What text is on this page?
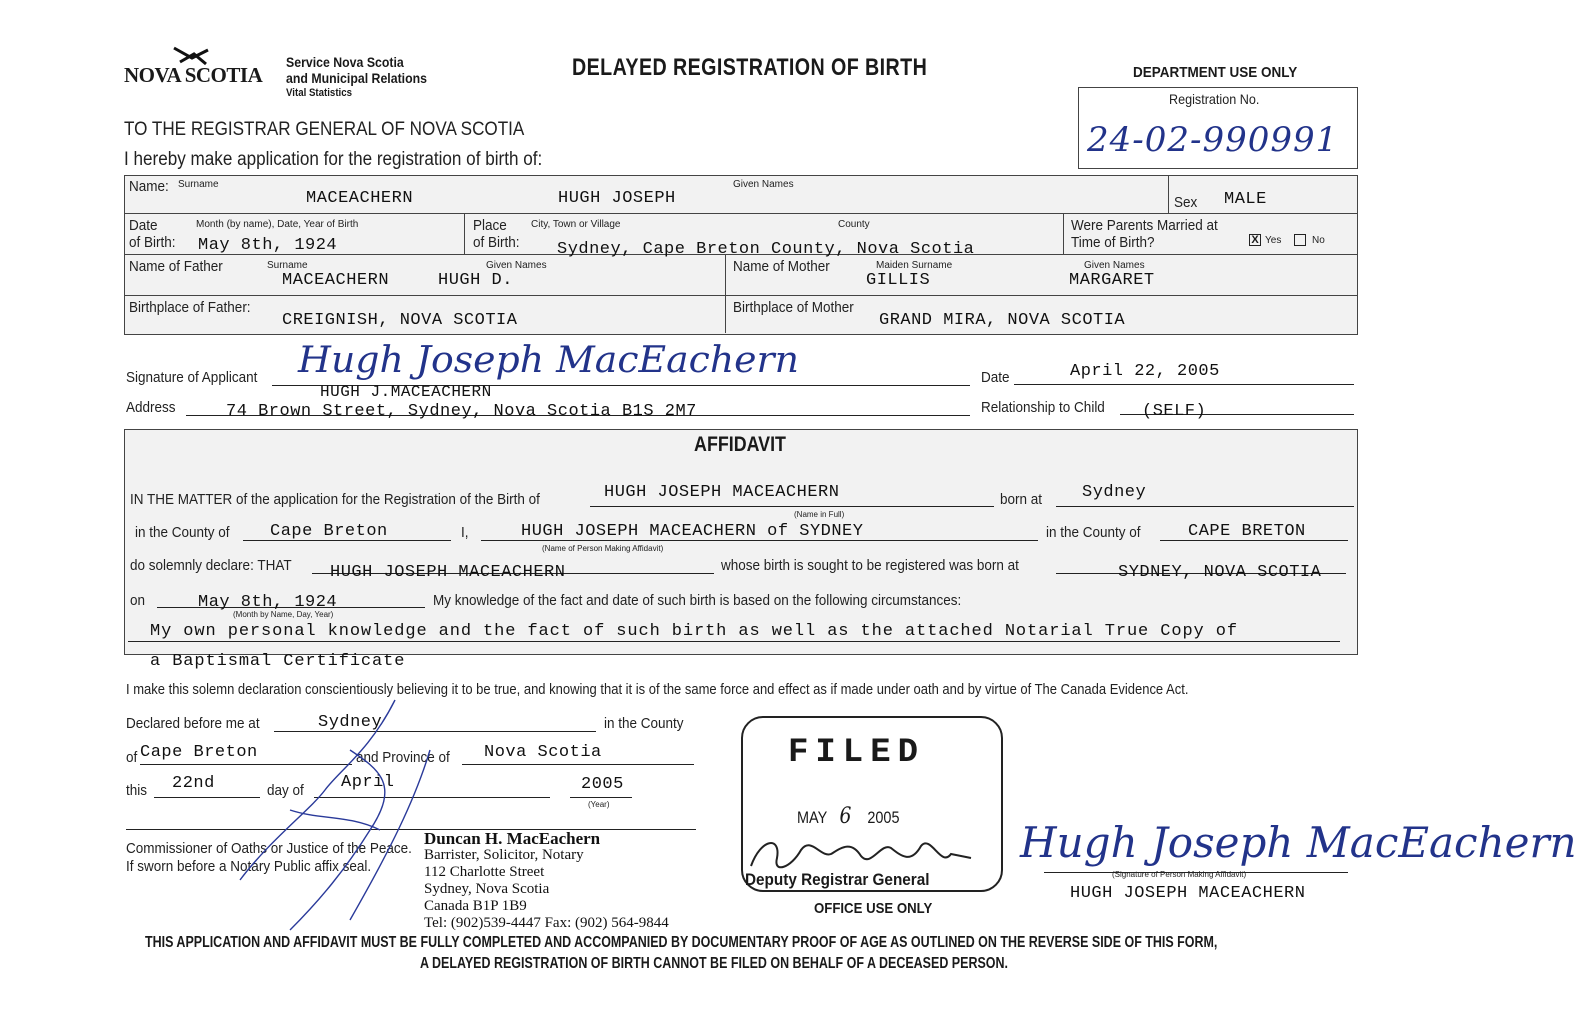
NOVA SCOTIA
Service Nova Scotia
and Municipal Relations
Vital Statistics
DELAYED REGISTRATION OF BIRTH	DEPARTMENT USE ONLY
Registration No.
24-02-990991
TO THE REGISTRAR GENERAL OF NOVA SCOTIA
I hereby make application for the registration of birth of:
Name: Surname
MACEACHERN	HUGH JOSEPH
Given Names
Sex MALE
Date
of Birth:
Month (by name), Date, Year of Birth
May 8th, 1924
Place
of Birth:
City, Town or Village	County
Sydney, Cape Breton County, Nova Scotia
Were Parents Married at
Time of Birth?	X Yes	No
Name of Father	Surname	Given Names
MACEACHERN	HUGH D.
Name of Mother	Maiden Surname	Given Names
GILLIS	MARGARET
Birthplace of Father:
CREIGNISH, NOVA SCOTIA
Birthplace of Mother
GRAND MIRA, NOVA SCOTIA
Signature of Applicant Hugh Joseph MacEachern
HUGH J.MACEACHERN
Date	April 22, 2005
Address	74 Brown Street, Sydney, Nova Scotia B1S 2M7	Relationship to Child (SELF)
AFFIDAVIT
IN THE MATTER of the application for the Registration of the Birth of	HUGH JOSEPH MACEACHERN
(Name in Full)
born at Sydney
in the County of Cape Breton	I,	HUGH JOSEPH MACEACHERN of SYDNEY
(Name of Person Making Affidavit)
in the County of	CAPE BRETON
do solemnly declare: THAT HUGH JOSEPH MACEACHERN	whose birth is sought to be registered was born at	SYDNEY, NOVA SCOTIA
on	May 8th, 1924
(Month by Name, Day, Year)
My knowledge of the fact and date of such birth is based on the following circumstances:
My own personal knowledge and the fact of such birth as well as the attached Notarial True Copy of
a Baptismal Certificate
I make this solemn declaration conscientiously believing it to be true, and knowing that it is of the same force and effect as if made under oath and by virtue of The Canada Evidence Act.
Declared before me at	Sydney	in the County
of Cape Breton	and Province of Nova Scotia
this 22nd	day of April	2005
(Year)
Commissioner of Oaths or Justice of the Peace.
If sworn before a Notary Public affix seal.
Duncan H. MacEachern
Barrister, Solicitor, Notary
112 Charlotte Street
Sydney, Nova Scotia
Canada B1P 1B9
Tel: (902)539-4447 Fax: (902) 564-9844
FILED
MAY 6 2005
Deputy Registrar General
OFFICE USE ONLY
Hugh Joseph MacEachern
(Signature of Person Making Affidavit)
HUGH JOSEPH MACEACHERN
THIS APPLICATION AND AFFIDAVIT MUST BE FULLY COMPLETED AND ACCOMPANIED BY DOCUMENTARY PROOF OF AGE AS OUTLINED ON THE REVERSE SIDE OF THIS FORM,
A DELAYED REGISTRATION OF BIRTH CANNOT BE FILED ON BEHALF OF A DECEASED PERSON.
